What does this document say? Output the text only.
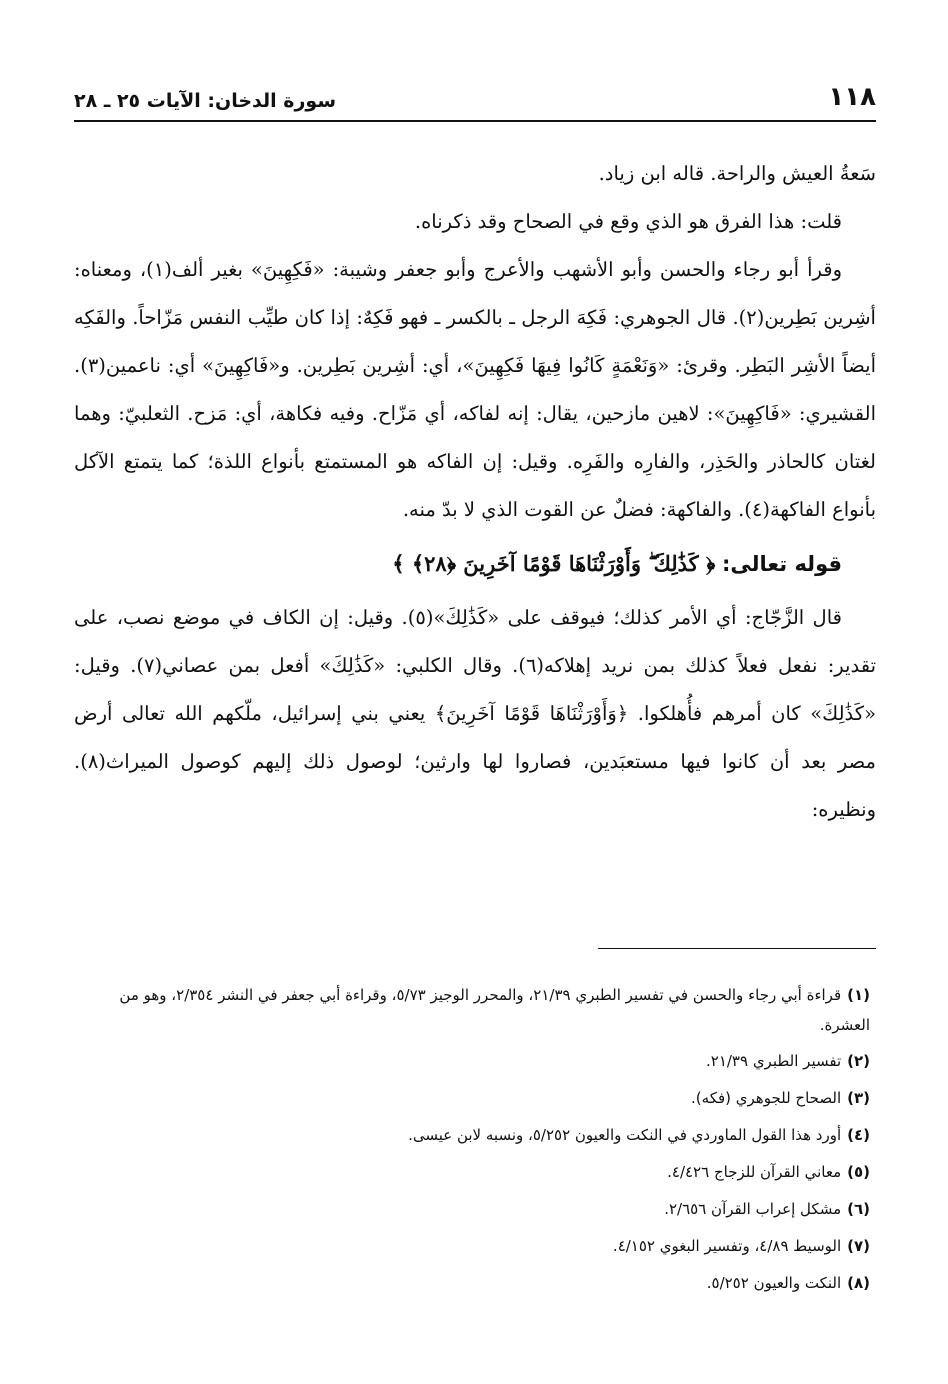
١١٨
سورة الدخان: الآيات ٢٥ ـ ٢٨

سَعةُ العيش والراحة. قاله ابن زياد.

قلت: هذا الفرق هو الذي وقع في الصحاح وقد ذكرناه.

وقرأ أبو رجاء والحسن وأبو الأشهب والأعرج وأبو جعفر وشيبة: «فَكِهِينَ» بغير ألف(١)، ومعناه: أشِرين بَطِرين(٢). قال الجوهري: فَكِهَ الرجل ـ بالكسر ـ فهو فَكِهٌ: إذا كان طيِّب النفس مَزّاحاً. والفَكِه أيضاً الأشِر البَطِر. وقرئ: «وَنَعْمَةٍ كَانُوا فِيهَا فَكِهِينَ»، أي: أشِرين بَطِرين. و«فَاكِهِينَ» أي: ناعمين(٣). القشيري: «فَاكِهِينَ»: لاهين مازحين، يقال: إنه لفاكه، أي مَزّاح. وفيه فكاهة، أي: مَزح. الثعلبيّ: وهما لغتان كالحاذر والحَذِر، والفارِه والفَرِه. وقيل: إن الفاكه هو المستمتع بأنواع اللذة؛ كما يتمتع الآكل بأنواع الفاكهة(٤). والفاكهة: فضلٌ عن القوت الذي لا بدّ منه.

قوله تعالى: ﴿ كَذَٰلِكَ ۖ وَأَوْرَثْنَاهَا قَوْمًا آخَرِينَ ﴿٢٨﴾ ﴾

قال الزَّجّاج: أي الأمر كذلك؛ فيوقف على «كَذَٰلِكَ»(٥). وقيل: إن الكاف في موضع نصب، على تقدير: نفعل فعلاً كذلك بمن نريد إهلاكه(٦). وقال الكلبي: «كَذَٰلِكَ» أفعل بمن عصاني(٧). وقيل: «كَذَٰلِكَ» كان أمرهم فأُهلكوا. ﴿وَأَوْرَثْنَاهَا قَوْمًا آخَرِينَ﴾ يعني بني إسرائيل، ملّكهم الله تعالى أرض مصر بعد أن كانوا فيها مستعبَدين، فصاروا لها وارثين؛ لوصول ذلك إليهم كوصول الميراث(٨). ونظيره:

(١)قراءة أبي رجاء والحسن في تفسير الطبري ٢١/٣٩، والمحرر الوجيز ٥/٧٣، وقراءة أبي جعفر في النشر ٢/٣٥٤، وهو من العشرة.

(٢)تفسير الطبري ٢١/٣٩.

(٣)الصحاح للجوهري (فكه).

(٤)أورد هذا القول الماوردي في النكت والعيون ٥/٢٥٢، ونسبه لابن عيسى.

(٥)معاني القرآن للزجاج ٤/٤٢٦.

(٦)مشكل إعراب القرآن ٢/٦٥٦.

(٧)الوسيط ٤/٨٩، وتفسير البغوي ٤/١٥٢.

(٨)النكت والعيون ٥/٢٥٢.
